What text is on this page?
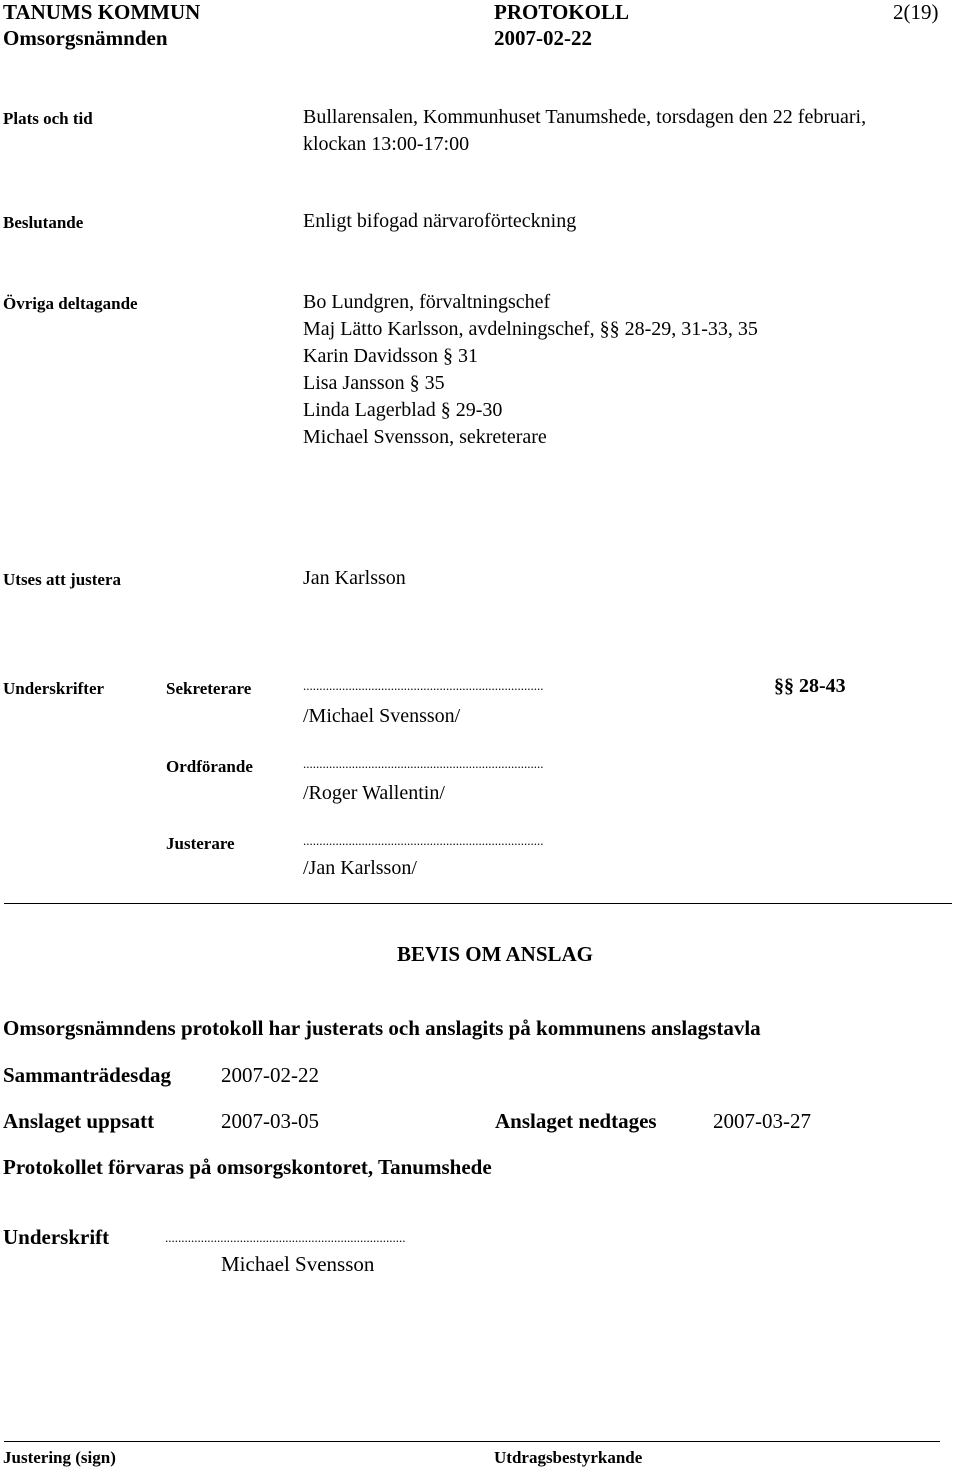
TANUMS KOMMUN	PROTOKOLL	2(19)
Omsorgsnämnden	2007-02-22
Plats och tid	Bullarensalen, Kommunhuset Tanumshede, torsdagen den 22 februari,
klockan 13:00-17:00
Beslutande	Enligt bifogad närvaroförteckning
Övriga deltagande	Bo Lundgren, förvaltningschef
Maj Lätto Karlsson, avdelningschef, §§ 28-29, 31-33, 35
Karin Davidsson § 31
Lisa Jansson § 35
Linda Lagerblad § 29-30
Michael Svensson, sekreterare
Utses att justera	Jan Karlsson
Underskrifter	Sekreterare	..........................................................................	§§ 28-43
/Michael Svensson/
Ordförande	..........................................................................
/Roger Wallentin/
Justerare	..........................................................................
/Jan Karlsson/
BEVIS OM ANSLAG
Omsorgsnämndens protokoll har justerats och anslagits på kommunens anslagstavla
Sammanträdesdag 2007-02-22
Anslaget uppsatt	2007-03-05	Anslaget nedtages	2007-03-27
Protokollet förvaras på omsorgskontoret, Tanumshede
Underskrift	..........................................................................
Michael Svensson
Justering (sign)	Utdragsbestyrkande
